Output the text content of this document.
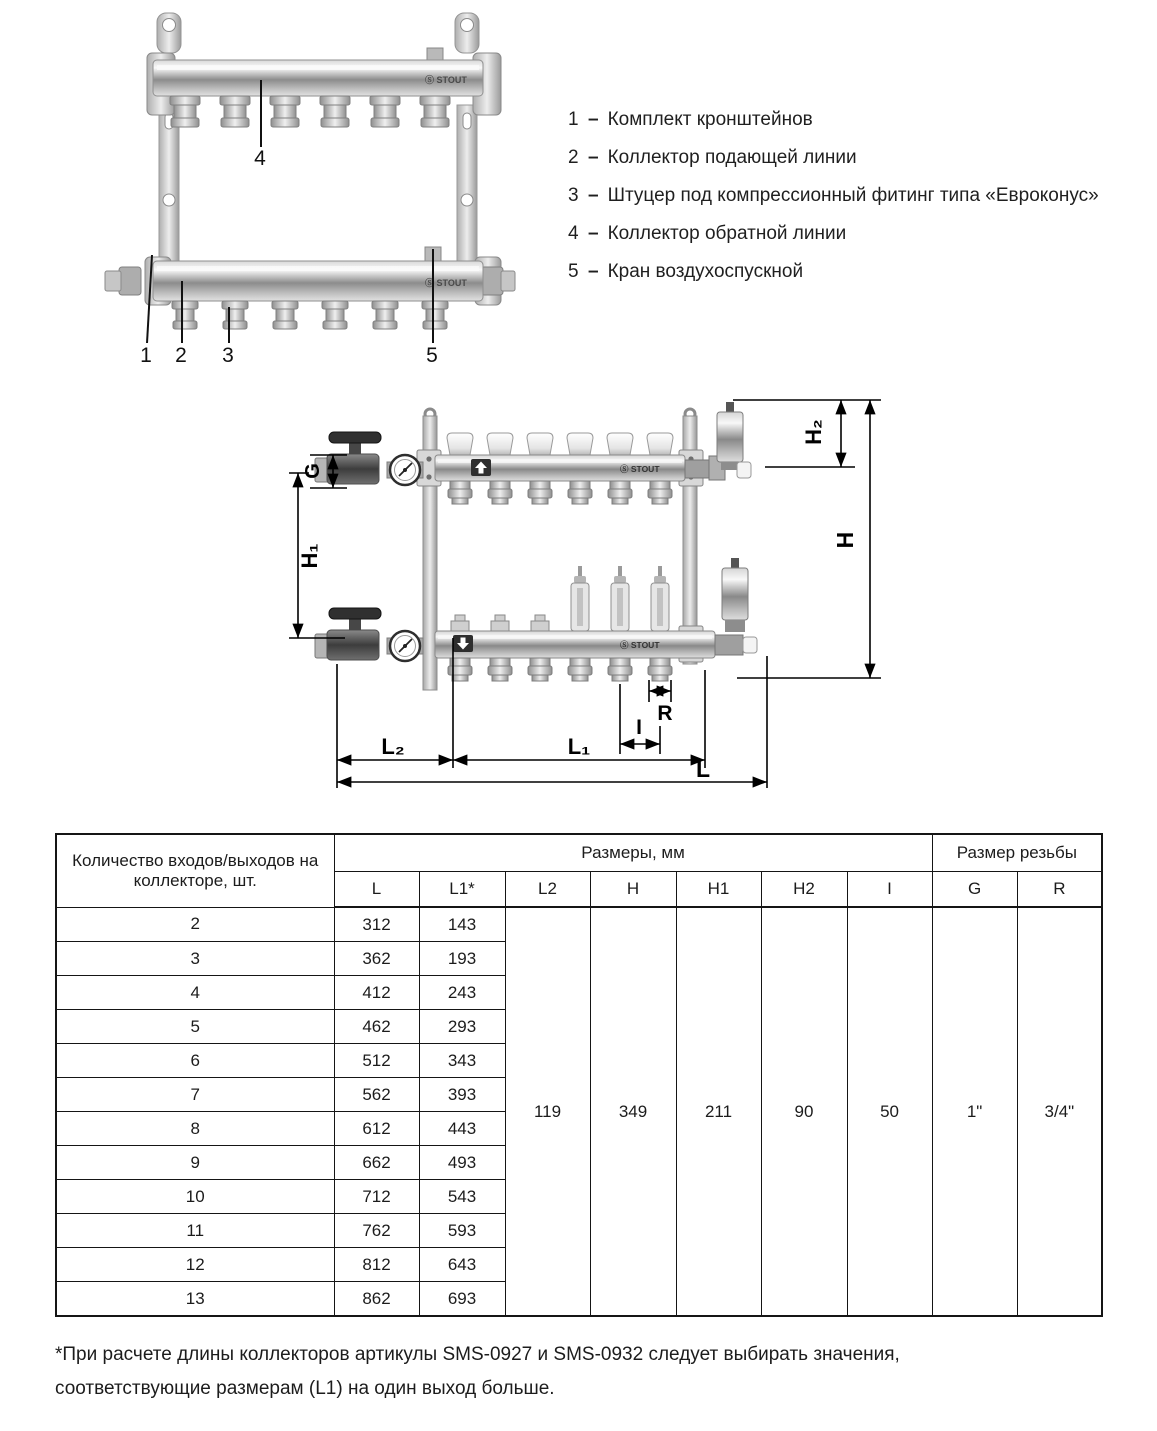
Ⓢ STOUT
Ⓢ STOUT
4
1 2 3	5
1 – Комплект кронштейнов
2 – Коллектор подающей линии
3 – Штуцер под компрессионный фитинг типа «Евроконус»
4 – Коллектор обратной линии
5 – Кран воздухоспускной
Ⓢ STOUT
Ⓢ STOUT
G
H₁
H₂
H
L₂	L₁
L
I
R
Количество входов/выходов на коллекторе, шт.	Размеры, мм							Размер резьбы	
	L	L1*	L2	H	H1	H2	I	G	R
2	312	143	119	349	211	90	50	1"	3/4"
3	362	193							
4	412	243							
5	462	293							
6	512	343							
7	562	393							
8	612	443							
9	662	493							
10	712	543							
11	762	593							
12	812	643							
13	862	693							
*При расчете длины коллекторов артикулы SMS-0927 и SMS-0932 следует выбирать значения, соответствующие размерам (L1) на один выход больше.
